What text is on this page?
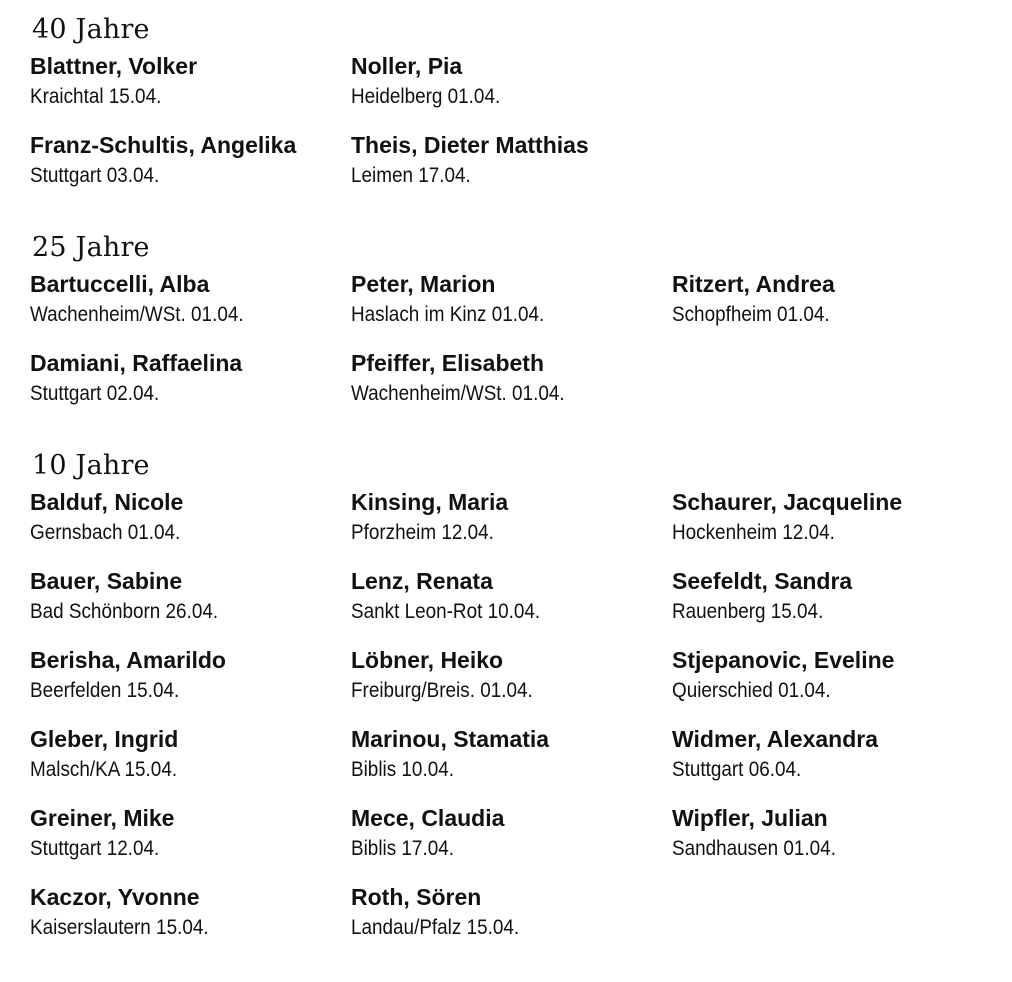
40 Jahre
Blattner, Volker
Kraichtal 15.04.
Noller, Pia
Heidelberg 01.04.
Franz-Schultis, Angelika
Stuttgart 03.04.
Theis, Dieter Matthias
Leimen 17.04.
25 Jahre
Bartuccelli, Alba
Wachenheim/WSt. 01.04.
Peter, Marion
Haslach im Kinz 01.04.
Ritzert, Andrea
Schopfheim 01.04.
Damiani, Raffaelina
Stuttgart 02.04.
Pfeiffer, Elisabeth
Wachenheim/WSt. 01.04.
10 Jahre
Balduf, Nicole
Gernsbach 01.04.
Kinsing, Maria
Pforzheim 12.04.
Schaurer, Jacqueline
Hockenheim 12.04.
Bauer, Sabine
Bad Schönborn 26.04.
Lenz, Renata
Sankt Leon-Rot 10.04.
Seefeldt, Sandra
Rauenberg 15.04.
Berisha, Amarildo
Beerfelden 15.04.
Löbner, Heiko
Freiburg/Breis. 01.04.
Stjepanovic, Eveline
Quierschied 01.04.
Gleber, Ingrid
Malsch/KA 15.04.
Marinou, Stamatia
Biblis 10.04.
Widmer, Alexandra
Stuttgart 06.04.
Greiner, Mike
Stuttgart 12.04.
Mece, Claudia
Biblis 17.04.
Wipfler, Julian
Sandhausen 01.04.
Kaczor, Yvonne
Kaiserslautern 15.04.
Roth, Sören
Landau/Pfalz 15.04.
